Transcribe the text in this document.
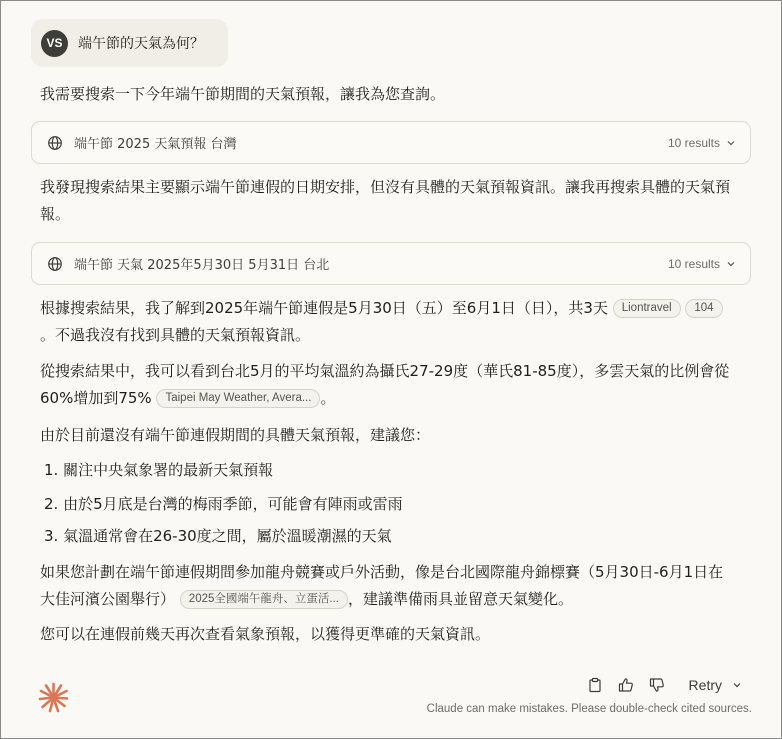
VS	端午節的天氣為何？
我需要搜索一下今年端午節期間的天氣預報，讓我為您查詢。
端午節 2025 天氣預報 台灣	10 results
我發現搜索結果主要顯示端午節連假的日期安排，但沒有具體的天氣預報資訊。讓我再搜索具體的天氣預報。
端午節 天氣 2025年5月30日 5月31日 台北	10 results
根據搜索結果，我了解到2025年端午節連假是5月30日（五）至6月1日（日），共3天 Liontravel 104。不過我沒有找到具體的天氣預報資訊。
從搜索結果中，我可以看到台北5月的平均氣溫約為攝氏27-29度（華氏81-85度），多雲天氣的比例會從60%增加到75% Taipei May Weather, Avera... 。
由於目前還沒有端午節連假期間的具體天氣預報，建議您：
1. 關注中央氣象署的最新天氣預報
2. 由於5月底是台灣的梅雨季節，可能會有陣雨或雷雨
3. 氣溫通常會在26-30度之間，屬於溫暖潮濕的天氣
如果您計劃在端午節連假期間參加龍舟競賽或戶外活動，像是台北國際龍舟錦標賽（5月30日-6月1日在大佳河濱公園舉行） 2025全國端午龍舟、立蛋活... ，建議準備雨具並留意天氣變化。
您可以在連假前幾天再次查看氣象預報，以獲得更準確的天氣資訊。
Retry
Claude can make mistakes. Please double-check cited sources.
